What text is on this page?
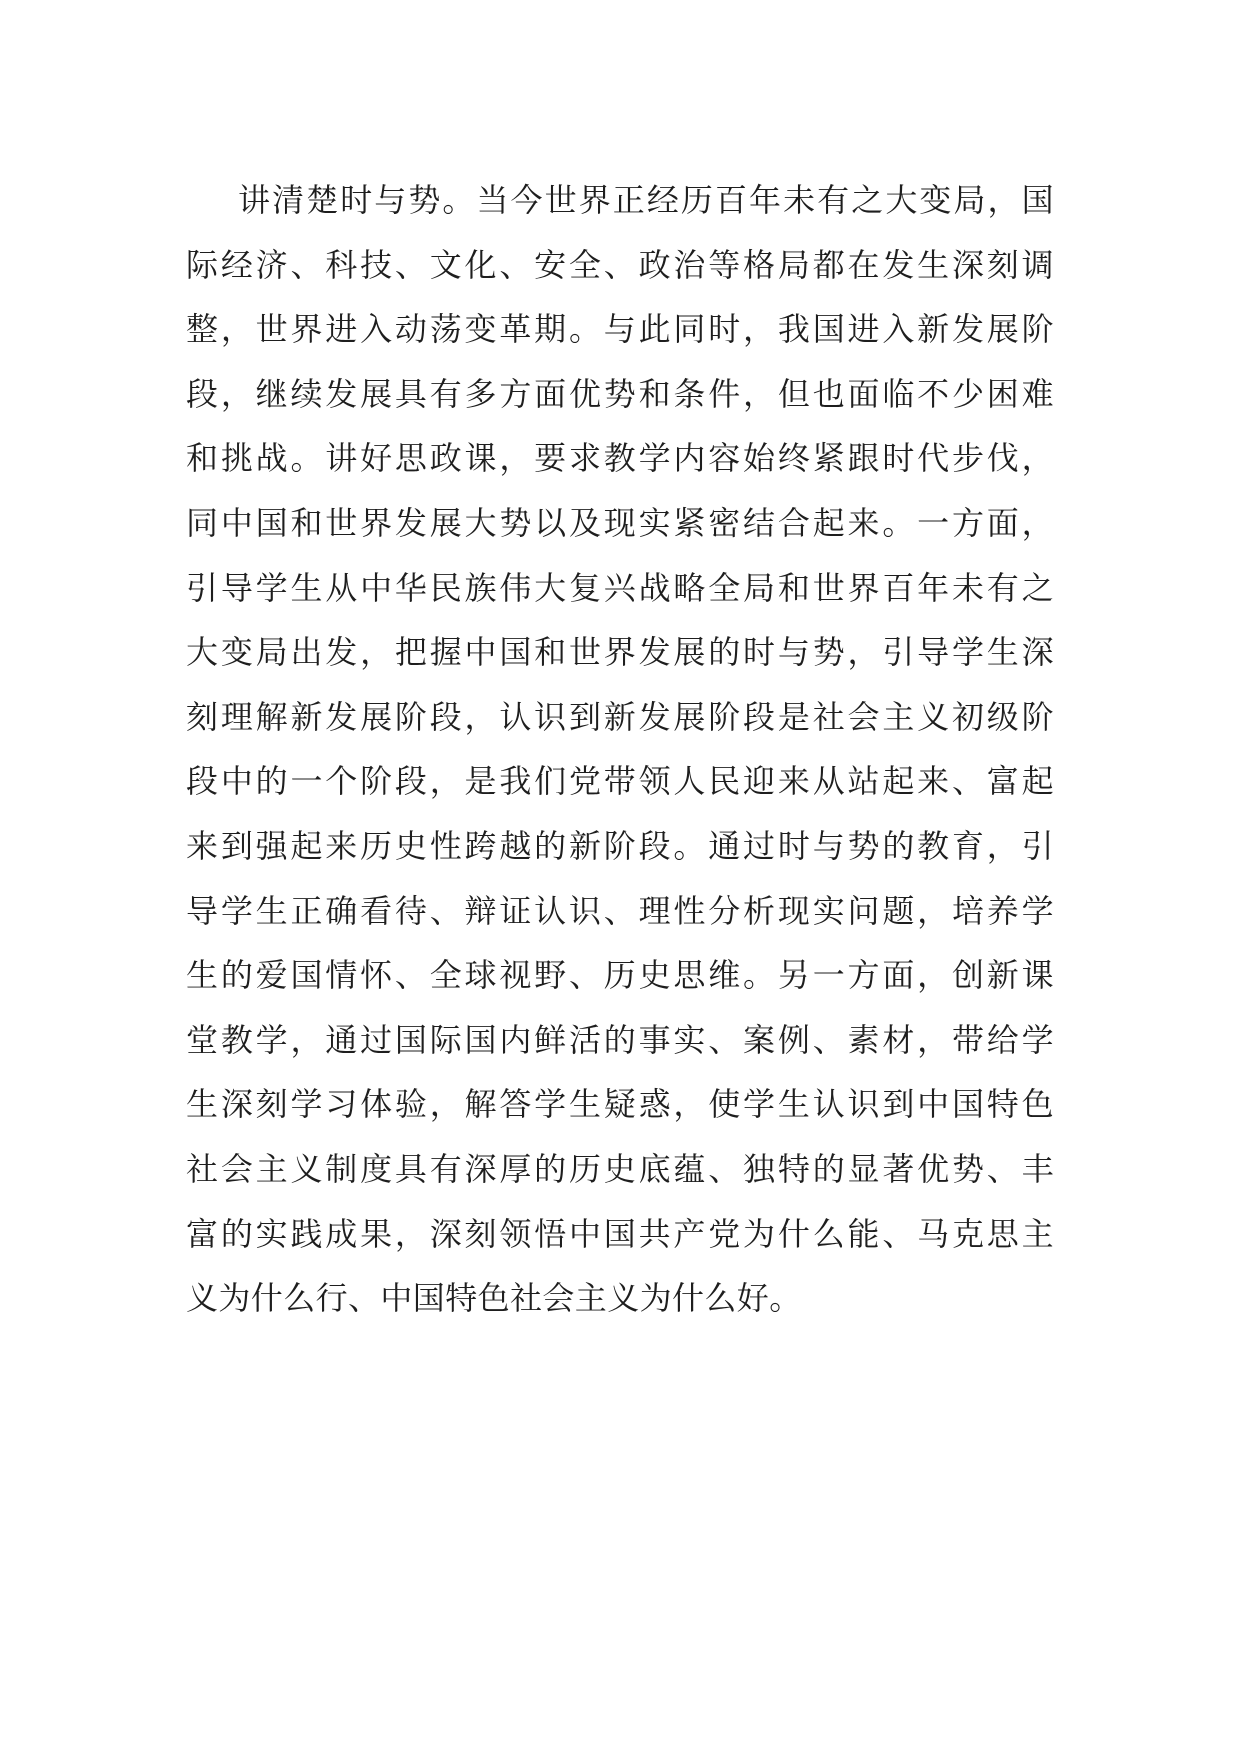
讲清楚时与势。当今世界正经历百年未有之大变局，国
际经济、科技、文化、安全、政治等格局都在发生深刻调
整，世界进入动荡变革期。与此同时，我国进入新发展阶
段，继续发展具有多方面优势和条件，但也面临不少困难
和挑战。讲好思政课，要求教学内容始终紧跟时代步伐，
同中国和世界发展大势以及现实紧密结合起来。一方面，
引导学生从中华民族伟大复兴战略全局和世界百年未有之
大变局出发，把握中国和世界发展的时与势，引导学生深
刻理解新发展阶段，认识到新发展阶段是社会主义初级阶
段中的一个阶段，是我们党带领人民迎来从站起来、富起
来到强起来历史性跨越的新阶段。通过时与势的教育，引
导学生正确看待、辩证认识、理性分析现实问题，培养学
生的爱国情怀、全球视野、历史思维。另一方面，创新课
堂教学，通过国际国内鲜活的事实、案例、素材，带给学
生深刻学习体验，解答学生疑惑，使学生认识到中国特色
社会主义制度具有深厚的历史底蕴、独特的显著优势、丰
富的实践成果，深刻领悟中国共产党为什么能、马克思主
义为什么行、中国特色社会主义为什么好。
